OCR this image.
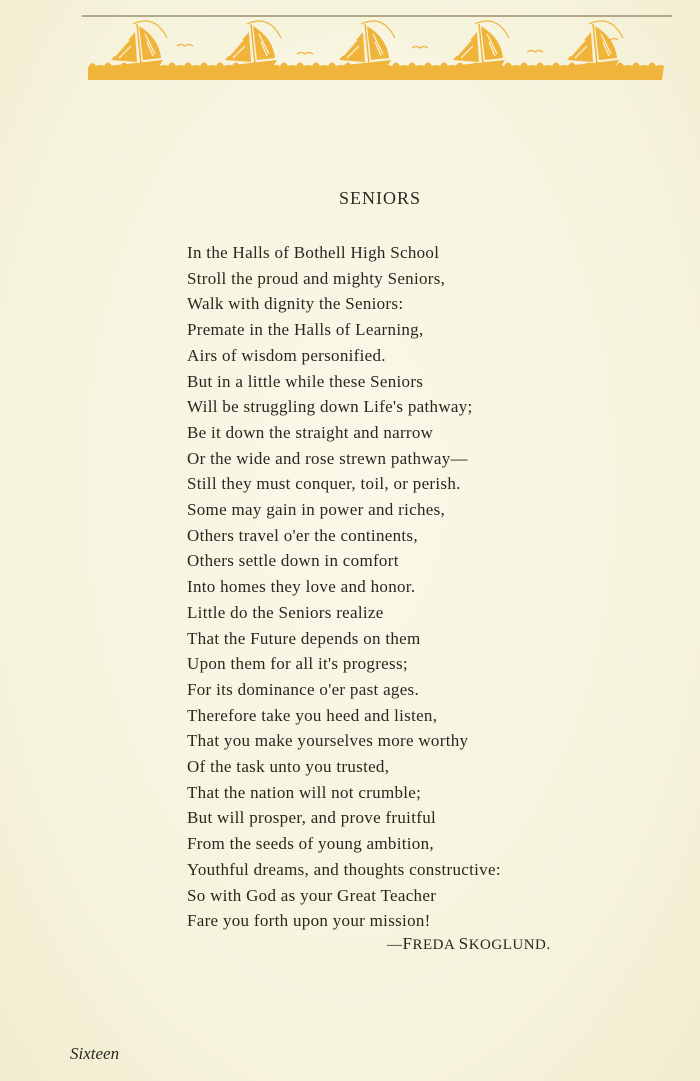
SENIORS
In the Halls of Bothell High School
Stroll the proud and mighty Seniors,
Walk with dignity the Seniors:
Premate in the Halls of Learning,
Airs of wisdom personified.
But in a little while these Seniors
Will be struggling down Life's pathway;
Be it down the straight and narrow
Or the wide and rose strewn pathway—
Still they must conquer, toil, or perish.
Some may gain in power and riches,
Others travel o'er the continents,
Others settle down in comfort
Into homes they love and honor.
Little do the Seniors realize
That the Future depends on them
Upon them for all it's progress;
For its dominance o'er past ages.
Therefore take you heed and listen,
That you make yourselves more worthy
Of the task unto you trusted,
That the nation will not crumble;
But will prosper, and prove fruitful
From the seeds of young ambition,
Youthful dreams, and thoughts constructive:
So with God as your Great Teacher
Fare you forth upon your mission!
—FREDA SKOGLUND.
Sixteen
